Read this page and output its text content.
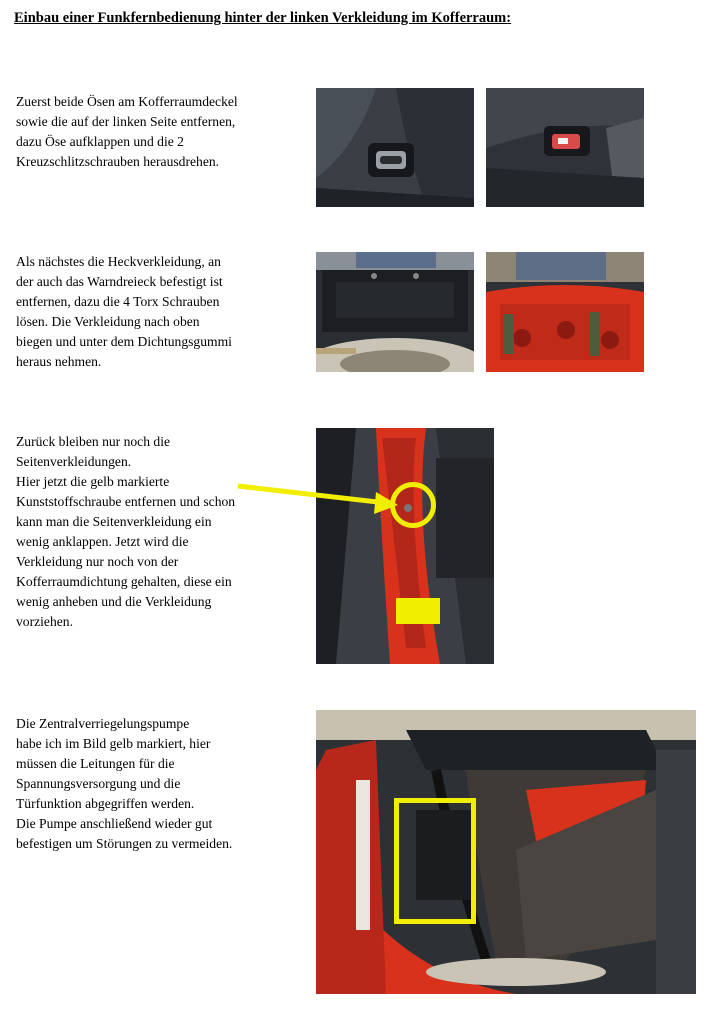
Einbau einer Funkfernbedienung hinter der linken Verkleidung im Kofferraum:
Zuerst beide Ösen am Kofferraumdeckel
sowie die auf der linken Seite entfernen,
dazu Öse aufklappen und die 2
Kreuzschlitzschrauben herausdrehen.
Als nächstes die Heckverkleidung, an
der auch das Warndreieck befestigt ist
entfernen, dazu die 4 Torx Schrauben
lösen. Die Verkleidung nach oben
biegen und unter dem Dichtungsgummi
heraus nehmen.
Zurück bleiben nur noch die
Seitenverkleidungen.
Hier jetzt die gelb markierte
Kunststoffschraube entfernen und schon
kann man die Seitenverkleidung ein
wenig anklappen. Jetzt wird die
Verkleidung nur noch von der
Kofferraumdichtung gehalten, diese ein
wenig anheben und die Verkleidung
vorziehen.
Die Zentralverriegelungspumpe
habe ich im Bild gelb markiert, hier
müssen die Leitungen für die
Spannungsversorgung und die
Türfunktion abgegriffen werden.
Die Pumpe anschließend wieder gut
befestigen um Störungen zu vermeiden.
